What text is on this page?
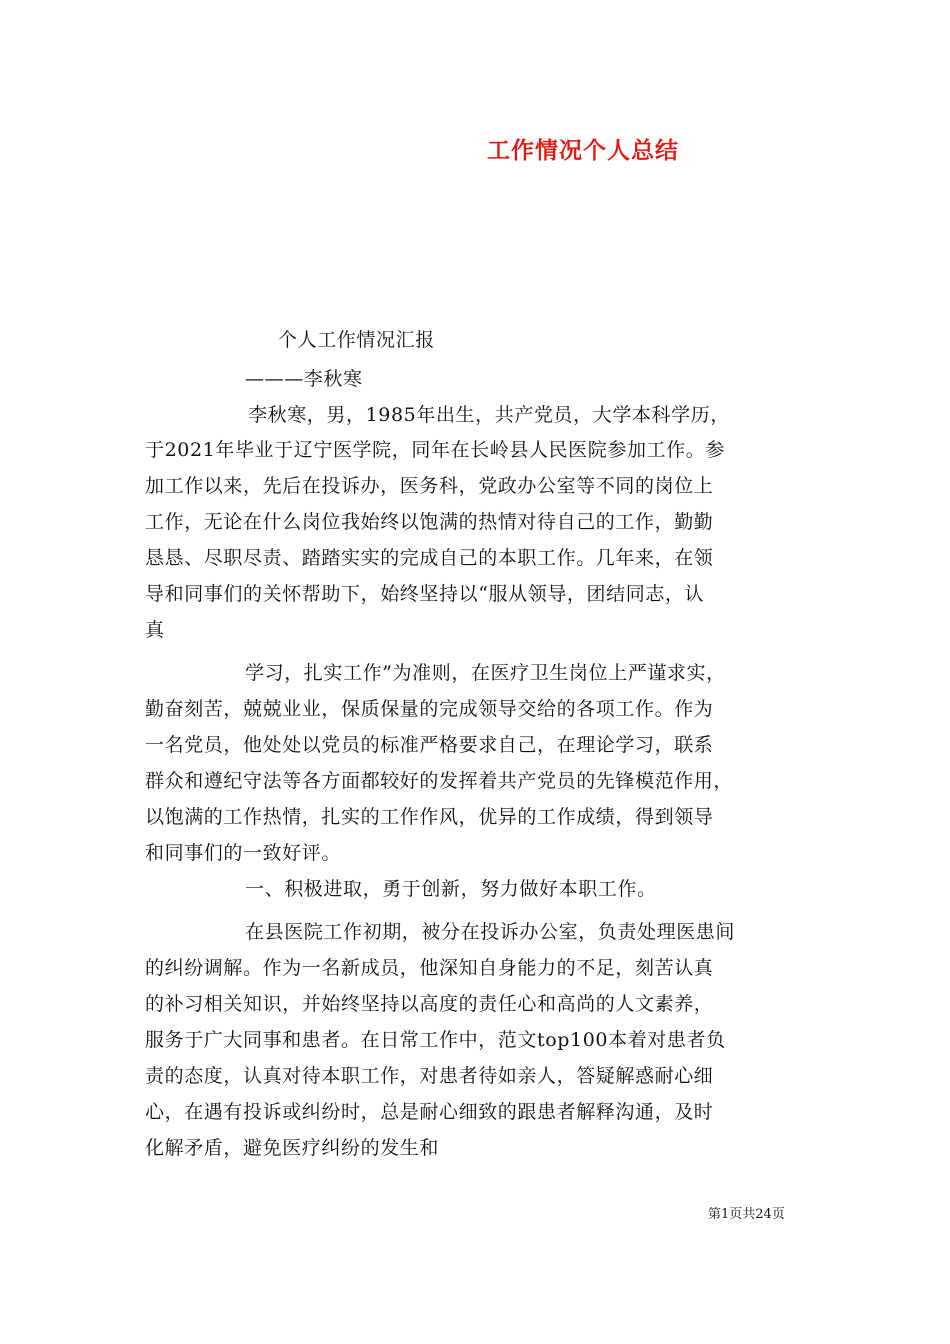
工作情况个人总结
个人工作情况汇报
———李秋寒
李秋寒，男，1985年出生，共产党员，大学本科学历，
于2021年毕业于辽宁医学院，同年在长岭县人民医院参加工作。参
加工作以来，先后在投诉办，医务科，党政办公室等不同的岗位上
工作，无论在什么岗位我始终以饱满的热情对待自己的工作，勤勤
恳恳、尽职尽责、踏踏实实的完成自己的本职工作。几年来，在领
导和同事们的关怀帮助下，始终坚持以“服从领导，团结同志，认
真
学习，扎实工作”为准则，在医疗卫生岗位上严谨求实，
勤奋刻苦，兢兢业业，保质保量的完成领导交给的各项工作。作为
一名党员，他处处以党员的标准严格要求自己，在理论学习，联系
群众和遵纪守法等各方面都较好的发挥着共产党员的先锋模范作用，
以饱满的工作热情，扎实的工作作风，优异的工作成绩，得到领导
和同事们的一致好评。
一、积极进取，勇于创新，努力做好本职工作。
在县医院工作初期，被分在投诉办公室，负责处理医患间
的纠纷调解。作为一名新成员，他深知自身能力的不足，刻苦认真
的补习相关知识，并始终坚持以高度的责任心和高尚的人文素养，
服务于广大同事和患者。在日常工作中，范文top100本着对患者负
责的态度，认真对待本职工作，对患者待如亲人，答疑解惑耐心细
心，在遇有投诉或纠纷时，总是耐心细致的跟患者解释沟通，及时
化解矛盾，避免医疗纠纷的发生和
第1页共24页
